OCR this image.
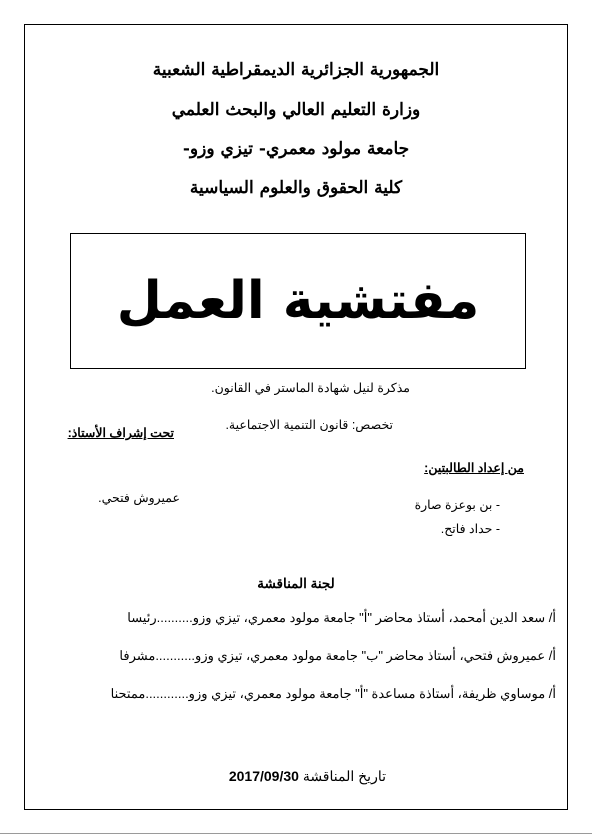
الجمهورية الجزائرية الديمقراطية الشعبية
وزارة التعليم العالي والبحث العلمي
جامعة مولود معمري- تيزي وزو-
كلية الحقوق والعلوم السياسية
مفتشية العمل
مذكرة لنيل شهادة الماستر في القانون.
تخصص: قانون التنمية الاجتماعية.
من إعداد الطالبتين:
- بن بوعزة صارة
- حداد فاتح.
تحت إشراف الأستاذ:
عميروش فتحي.
لجنة المناقشة
أ/ سعد الدين أمحمد، أستاذ محاضر "أ" جامعة مولود معمري، تيزي وزو..........رئيسا
أ/ عميروش فتحي، أستاذ محاضر "ب" جامعة مولود معمري، تيزي وزو...........مشرفا
أ/ موساوي ظريفة، أستاذة مساعدة "أ" جامعة مولود معمري، تيزي وزو............ممتحنا
تاريخ المناقشة 2017/09/30
